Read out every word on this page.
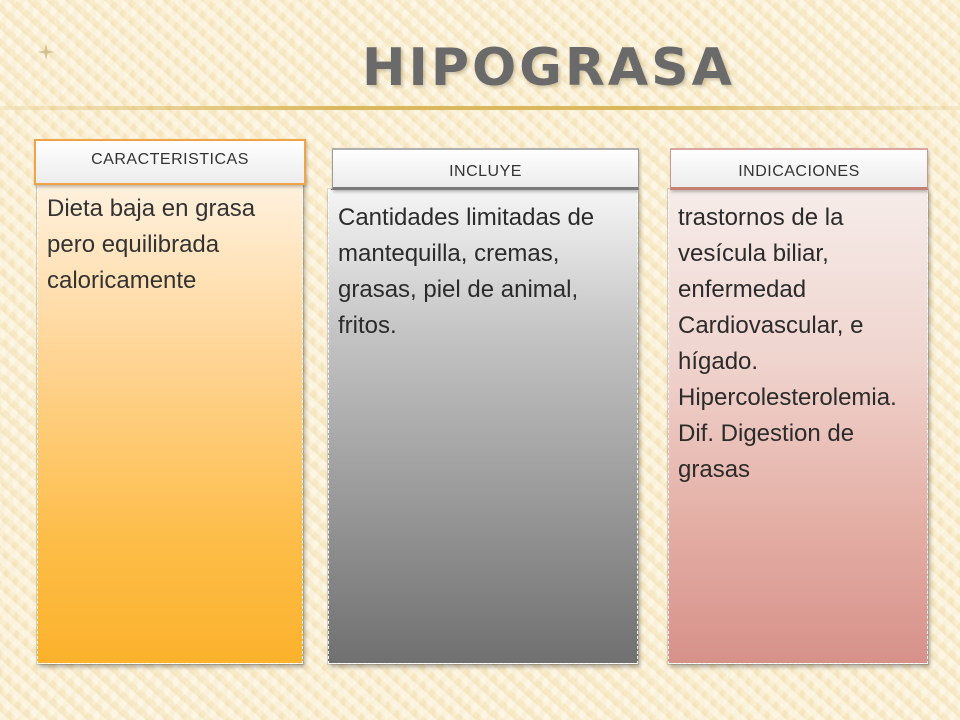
HIPOGRASA

Dieta baja en grasa pero equilibrada caloricamente

CARACTERISTICAS

Cantidades limitadas de mantequilla, cremas, grasas, piel de animal, fritos.

INCLUYE

trastornos de la vesícula biliar, enfermedad Cardiovascular, e hígado. Hipercolesterolemia. Dif. Digestion de grasas

INDICACIONES
